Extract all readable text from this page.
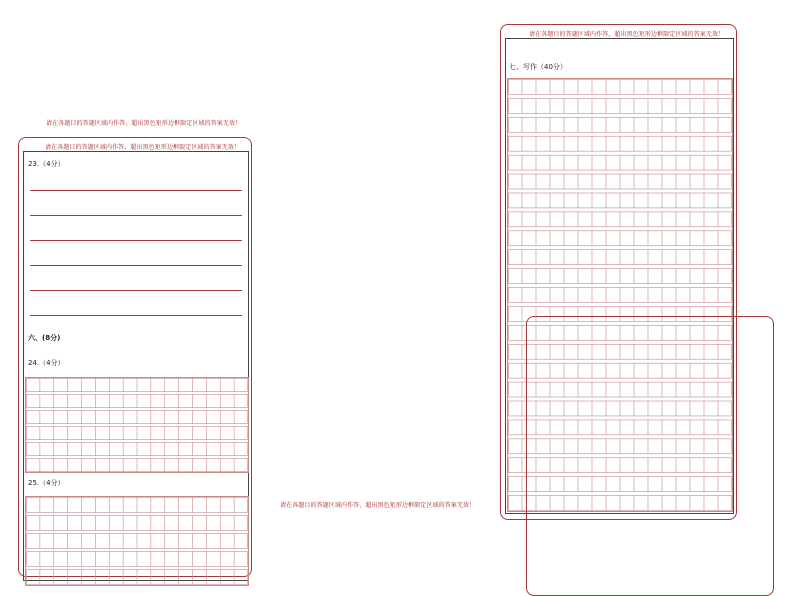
请在各题目的答题区域内作答，超出黑色矩形边框限定区域的答案无效！
请在各题目的答题区域内作答，超出黑色矩形边框限定区域的答案无效！
23.（4分）
六、(8分)
24.（4分）
25.（4分）
请在各题目的答题区域内作答，超出黑色矩形边框限定区域的答案无效！
请在各题目的答题区域内作答，超出黑色矩形边框限定区域的答案无效！
七、写作（40分）
